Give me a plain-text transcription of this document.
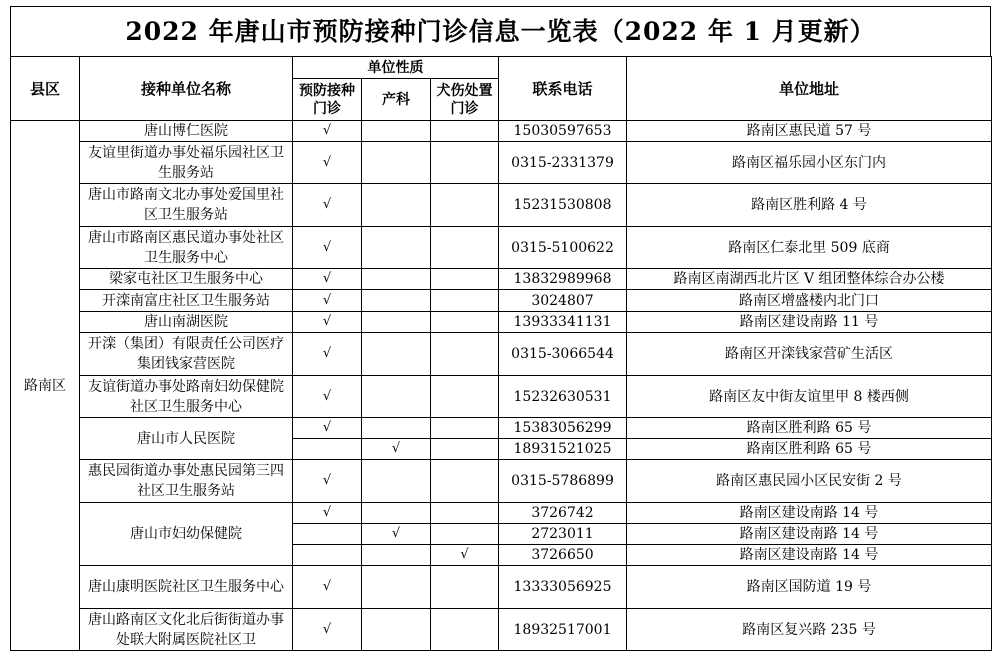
2022 年唐山市预防接种门诊信息一览表（2022 年 1 月更新）
县区	接种单位名称	单位性质			联系电话	单位地址
		预防接种门诊	产科	犬伤处置门诊		
路南区	唐山博仁医院	√			15030597653	路南区惠民道 57 号
	友谊里街道办事处福乐园社区卫生服务站	√			0315-2331379	路南区福乐园小区东门内
	唐山市路南文北办事处爱国里社区卫生服务站	√			15231530808	路南区胜利路 4 号
	唐山市路南区惠民道办事处社区卫生服务中心	√			0315-5100622	路南区仁泰北里 509 底商
	梁家屯社区卫生服务中心	√			13832989968	路南区南湖西北片区 V 组团整体综合办公楼
	开滦南富庄社区卫生服务站	√			3024807	路南区增盛楼内北门口
	唐山南湖医院	√			13933341131	路南区建设南路 11 号
	开滦（集团）有限责任公司医疗集团钱家营医院	√			0315-3066544	路南区开滦钱家营矿生活区
	友谊街道办事处路南妇幼保健院社区卫生服务中心	√			15232630531	路南区友中街友谊里甲 8 楼西侧
	唐山市人民医院	√			15383056299	路南区胜利路 65 号
			√		18931521025	路南区胜利路 65 号
	惠民园街道办事处惠民园第三四社区卫生服务站	√			0315-5786899	路南区惠民园小区民安街 2 号
	唐山市妇幼保健院	√			3726742	路南区建设南路 14 号
			√		2723011	路南区建设南路 14 号
				√	3726650	路南区建设南路 14 号
	唐山康明医院社区卫生服务中心	√			13333056925	路南区国防道 19 号
	唐山路南区文化北后街街道办事处联大附属医院社区卫	√			18932517001	路南区复兴路 235 号
